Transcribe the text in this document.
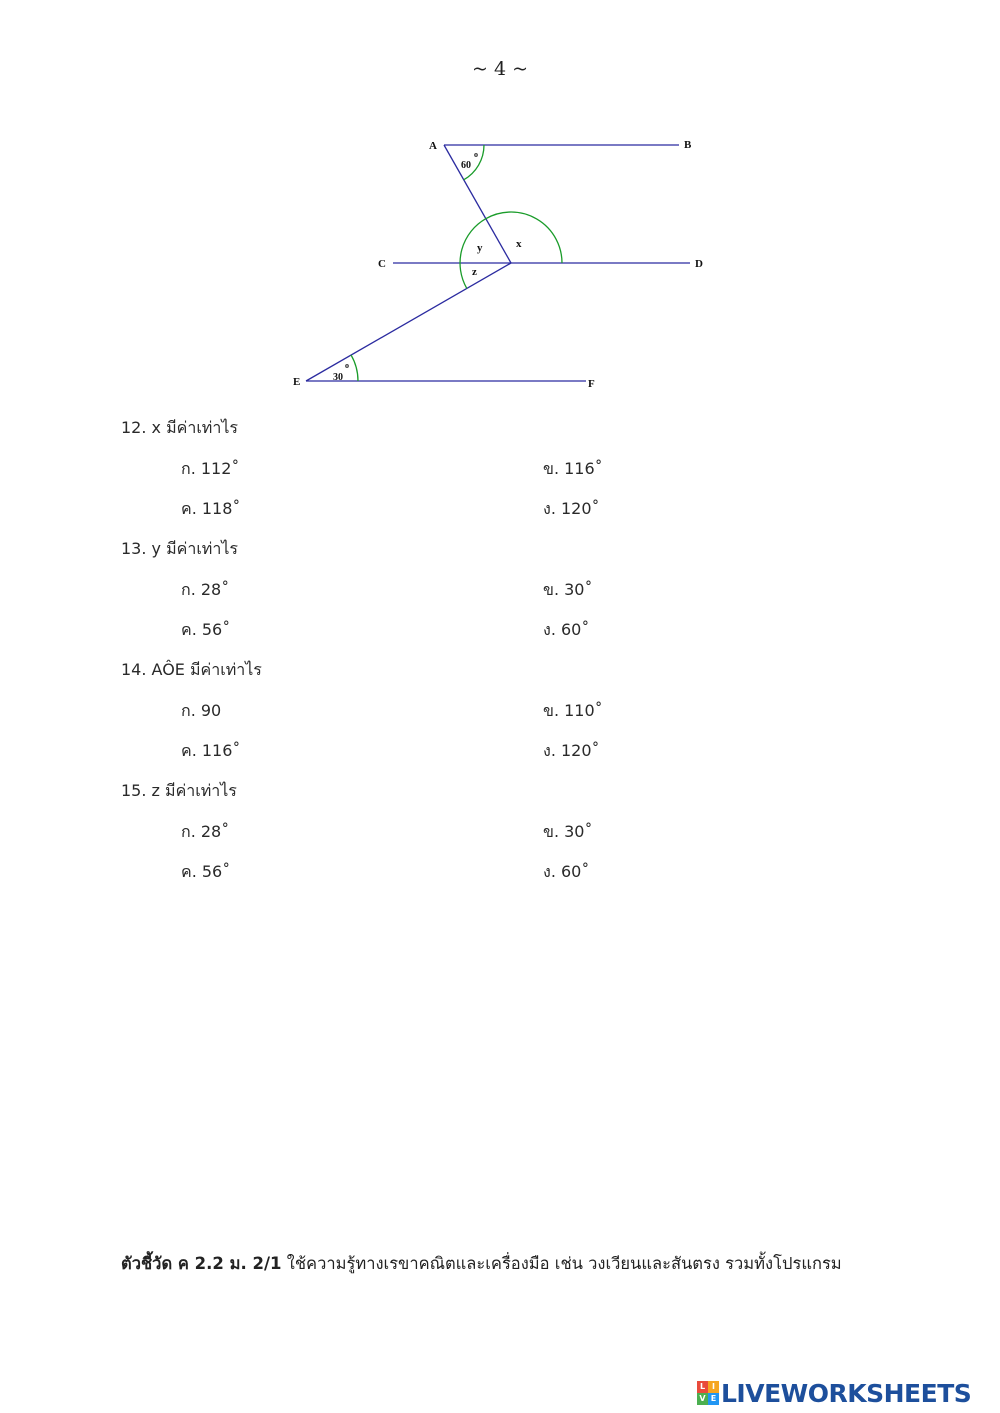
~ 4 ~
A	B
C	D
E	F
60
o
x
y
z
30
o
12. x มีค่าเท่าไร
ก. 112˚	ข. 116˚
ค. 118˚	ง. 120˚
13. y มีค่าเท่าไร
ก. 28˚	ข. 30˚
ค. 56˚	ง. 60˚
14. AÔE มีค่าเท่าไร
ก. 90	ข. 110˚
ค. 116˚	ง. 120˚
15. z มีค่าเท่าไร
ก. 28˚	ข. 30˚
ค. 56˚	ง. 60˚
ตัวชี้วัด ค 2.2 ม. 2/1 ใช้ความรู้ทางเรขาคณิตและเครื่องมือ เช่น วงเวียนและสันตรง รวมทั้งโปรแกรม
L I
V E LIVEWORKSHEETS
